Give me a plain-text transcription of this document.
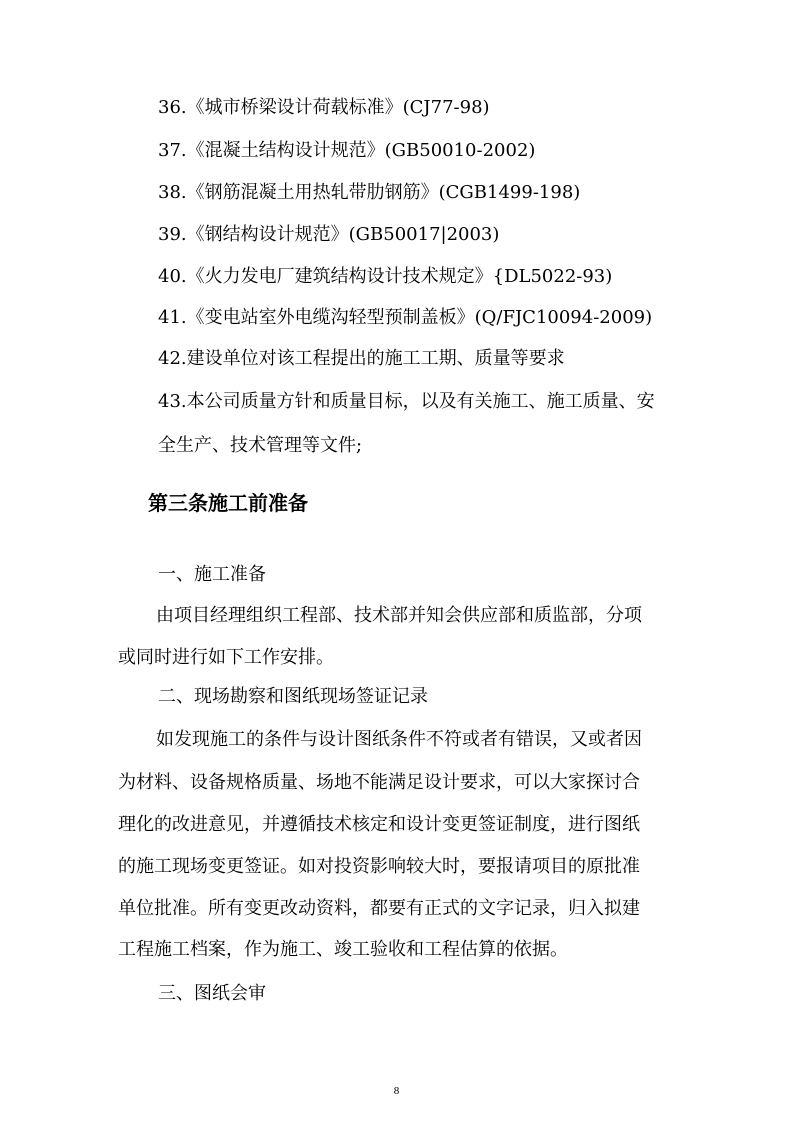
36.《城市桥梁设计荷载标准》(CJ77-98)
37.《混凝土结构设计规范》(GB50010-2002)
38.《钢筋混凝土用热轧带肋钢筋》(CGB1499-198)
39.《钢结构设计规范》(GB50017|2003)
40.《火力发电厂建筑结构设计技术规定》{DL5022-93)
41.《变电站室外电缆沟轻型预制盖板》(Q/FJC10094-2009)
42.建设单位对该工程提出的施工工期、质量等要求
43.本公司质量方针和质量目标，以及有关施工、施工质量、安
全生产、技术管理等文件;
第三条施工前准备
一、施工准备
由项目经理组织工程部、技术部并知会供应部和质监部，分项
或同时进行如下工作安排。
二、现场勘察和图纸现场签证记录
如发现施工的条件与设计图纸条件不符或者有错误，又或者因
为材料、设备规格质量、场地不能满足设计要求，可以大家探讨合
理化的改进意见，并遵循技术核定和设计变更签证制度，进行图纸
的施工现场变更签证。如对投资影响较大时，要报请项目的原批准
单位批准。所有变更改动资料，都要有正式的文字记录，归入拟建
工程施工档案，作为施工、竣工验收和工程估算的依据。
三、图纸会审
8
